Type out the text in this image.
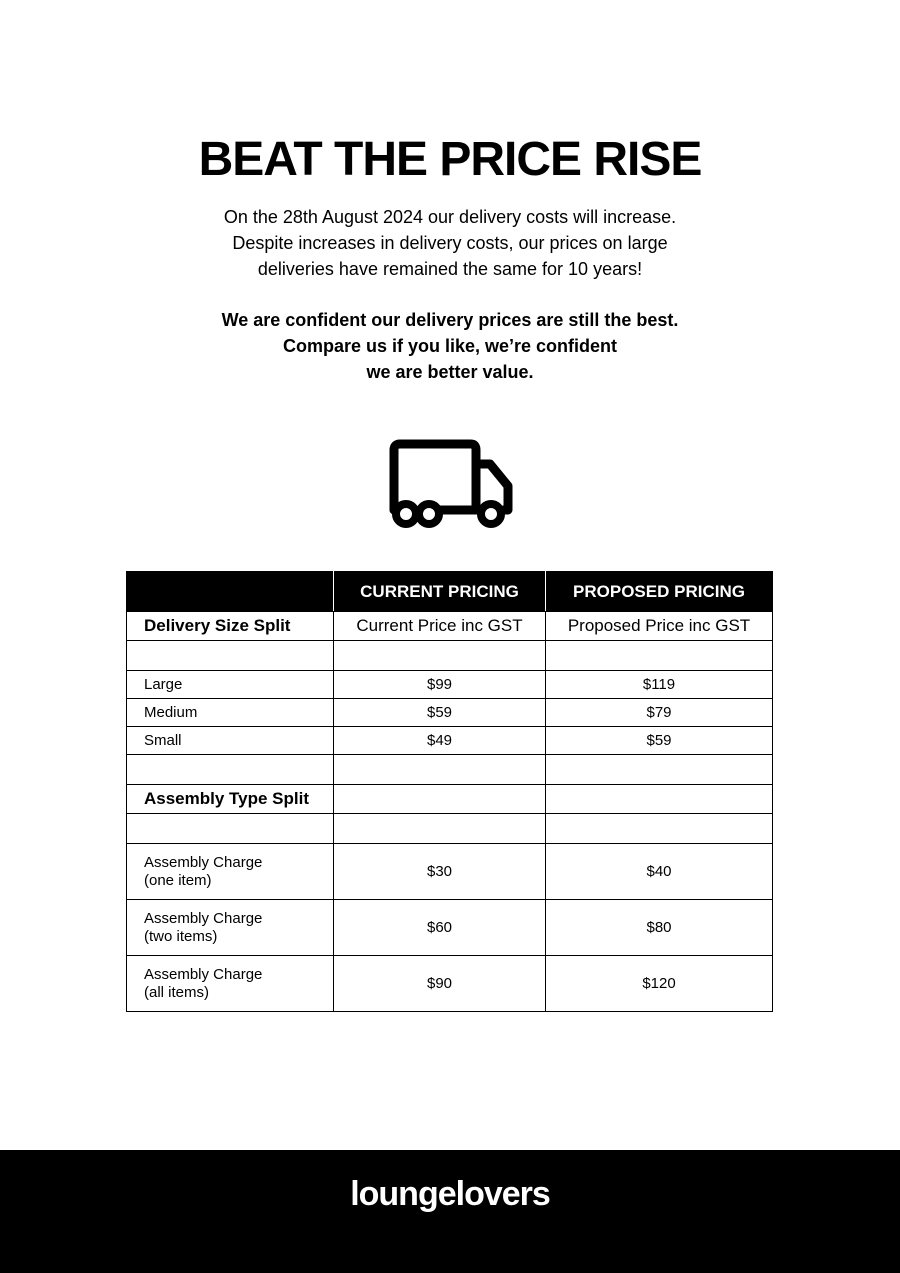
BEAT THE PRICE RISE
On the 28th August 2024 our delivery costs will increase.
Despite increases in delivery costs, our prices on large
deliveries have remained the same for 10 years!
We are confident our delivery prices are still the best.
Compare us if you like, we’re confident
we are better value.
	CURRENT PRICING	PROPOSED PRICING
Delivery Size Split	Current Price inc GST	Proposed Price inc GST

Large	$99	$119
Medium	$59	$79
Small	$49	$59

Assembly Type Split		

Assembly Charge
(one item)	$30	$40

Assembly Charge
(two items)	$60	$80

Assembly Charge
(all items)	$90	$120
loungelovers
